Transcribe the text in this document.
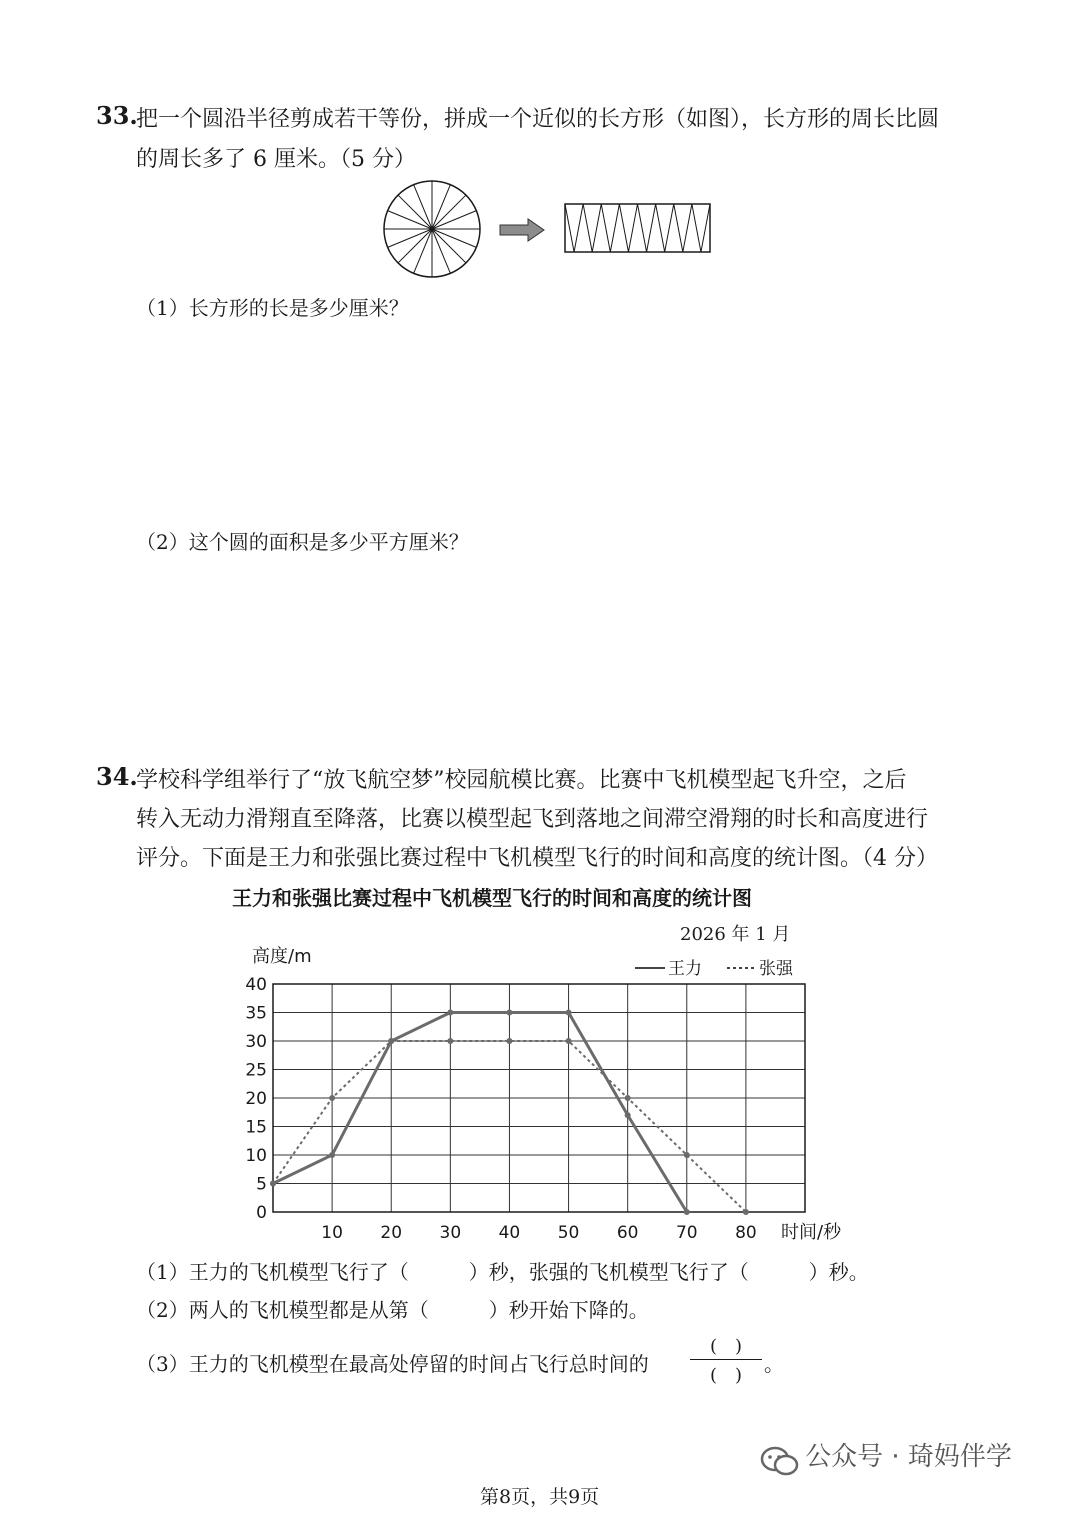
33.
把一个圆沿半径剪成若干等份，拼成一个近似的长方形（如图），长方形的周长比圆
的周长多了 6 厘米。（5 分）
（1）长方形的长是多少厘米？
（2）这个圆的面积是多少平方厘米？
34.
学校科学组举行了“放飞航空梦”校园航模比赛。比赛中飞机模型起飞升空，之后
转入无动力滑翔直至降落，比赛以模型起飞到落地之间滞空滑翔的时长和高度进行
评分。下面是王力和张强比赛过程中飞机模型飞行的时间和高度的统计图。（4 分）
王力和张强比赛过程中飞机模型飞行的时间和高度的统计图
2026 年 1 月
高度/m
王力	张强
0
5
10
15
20
25
30
35
40
10 20 30 40 50 60 70 80 时间/秒
（1）王力的飞机模型飞行了（　　　）秒，张强的飞机模型飞行了（　　　）秒。
（2）两人的飞机模型都是从第（　　　）秒开始下降的。
（3）王力的飞机模型在最高处停留的时间占飞行总时间的
(　)
(　)	。
第8页，共9页
公众号 · 琦妈伴学
